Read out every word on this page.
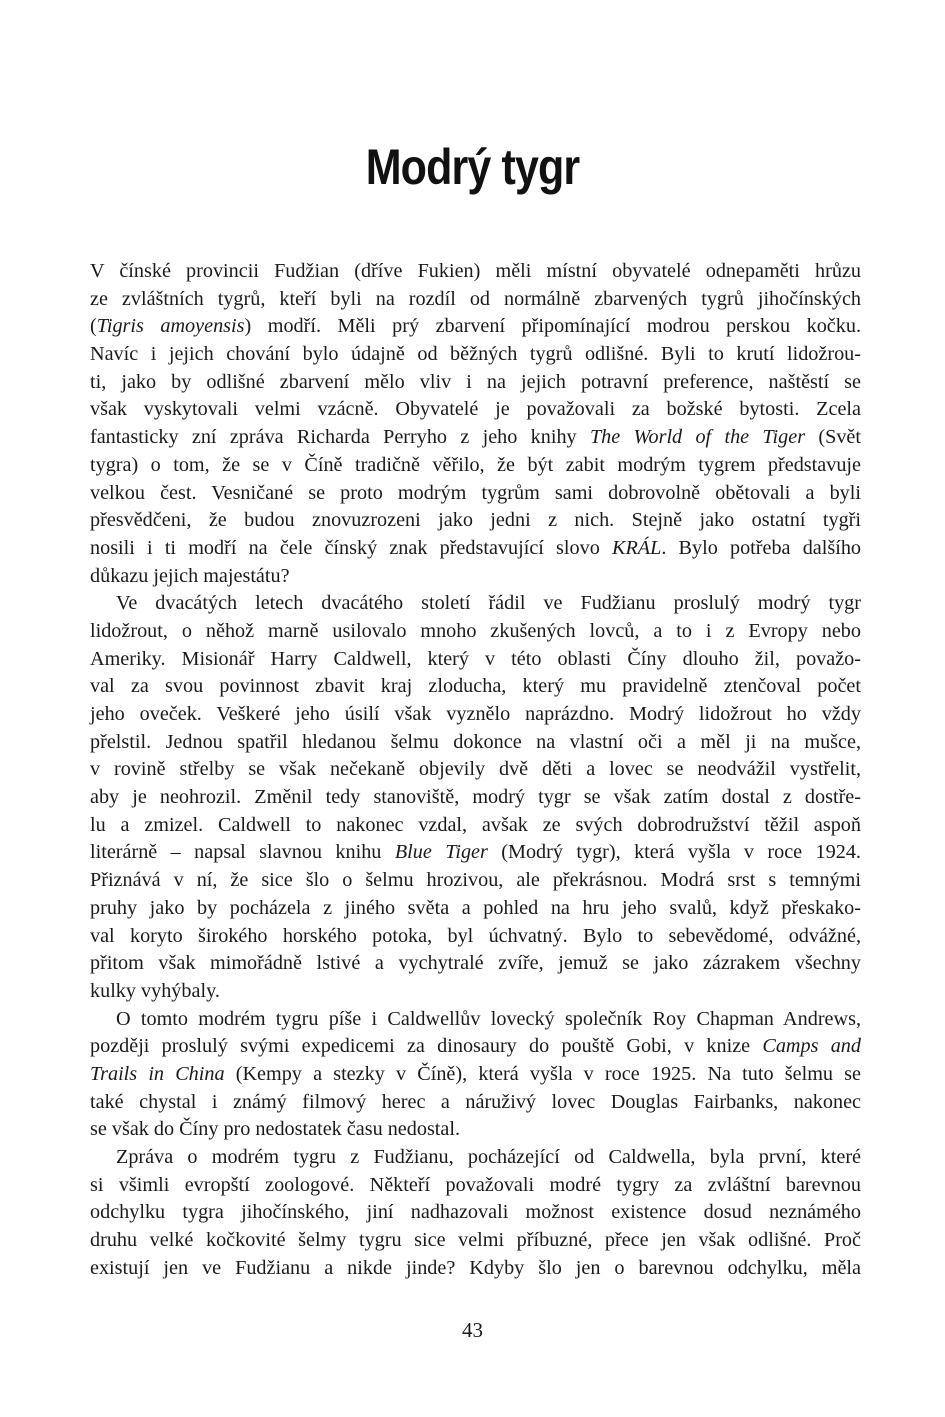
Modrý tygr
V čínské provincii Fudžian (dříve Fukien) měli místní obyvatelé odnepaměti hrůzu
ze zvláštních tygrů, kteří byli na rozdíl od normálně zbarvených tygrů jihočínských
(Tigris amoyensis) modří. Měli prý zbarvení připomínající modrou perskou kočku.
Navíc i jejich chování bylo údajně od běžných tygrů odlišné. Byli to krutí lidožrou-
ti, jako by odlišné zbarvení mělo vliv i na jejich potravní preference, naštěstí se
však vyskytovali velmi vzácně. Obyvatelé je považovali za božské bytosti. Zcela
fantasticky zní zpráva Richarda Perryho z jeho knihy The World of the Tiger (Svět
tygra) o tom, že se v Číně tradičně věřilo, že být zabit modrým tygrem představuje
velkou čest. Vesničané se proto modrým tygrům sami dobrovolně obětovali a byli
přesvědčeni, že budou znovuzrozeni jako jedni z nich. Stejně jako ostatní tygři
nosili i ti modří na čele čínský znak představující slovo KRÁL. Bylo potřeba dalšího
důkazu jejich majestátu?
Ve dvacátých letech dvacátého století řádil ve Fudžianu proslulý modrý tygr
lidožrout, o něhož marně usilovalo mnoho zkušených lovců, a to i z Evropy nebo
Ameriky. Misionář Harry Caldwell, který v této oblasti Číny dlouho žil, považo-
val za svou povinnost zbavit kraj zloducha, který mu pravidelně ztenčoval počet
jeho oveček. Veškeré jeho úsilí však vyznělo naprázdno. Modrý lidožrout ho vždy
přelstil. Jednou spatřil hledanou šelmu dokonce na vlastní oči a měl ji na mušce,
v rovině střelby se však nečekaně objevily dvě děti a lovec se neodvážil vystřelit,
aby je neohrozil. Změnil tedy stanoviště, modrý tygr se však zatím dostal z dostře-
lu a zmizel. Caldwell to nakonec vzdal, avšak ze svých dobrodružství těžil aspoň
literárně – napsal slavnou knihu Blue Tiger (Modrý tygr), která vyšla v roce 1924.
Přiznává v ní, že sice šlo o šelmu hrozivou, ale překrásnou. Modrá srst s temnými
pruhy jako by pocházela z jiného světa a pohled na hru jeho svalů, když přeskako-
val koryto širokého horského potoka, byl úchvatný. Bylo to sebevědomé, odvážné,
přitom však mimořádně lstivé a vychytralé zvíře, jemuž se jako zázrakem všechny
kulky vyhýbaly.
O tomto modrém tygru píše i Caldwellův lovecký společník Roy Chapman Andrews,
později proslulý svými expedicemi za dinosaury do pouště Gobi, v knize Camps and
Trails in China (Kempy a stezky v Číně), která vyšla v roce 1925. Na tuto šelmu se
také chystal i známý filmový herec a náruživý lovec Douglas Fairbanks, nakonec
se však do Číny pro nedostatek času nedostal.
Zpráva o modrém tygru z Fudžianu, pocházející od Caldwella, byla první, které
si všimli evropští zoologové. Někteří považovali modré tygry za zvláštní barevnou
odchylku tygra jihočínského, jiní nadhazovali možnost existence dosud neznámého
druhu velké kočkovité šelmy tygru sice velmi příbuzné, přece jen však odlišné. Proč
existují jen ve Fudžianu a nikde jinde? Kdyby šlo jen o barevnou odchylku, měla
43
